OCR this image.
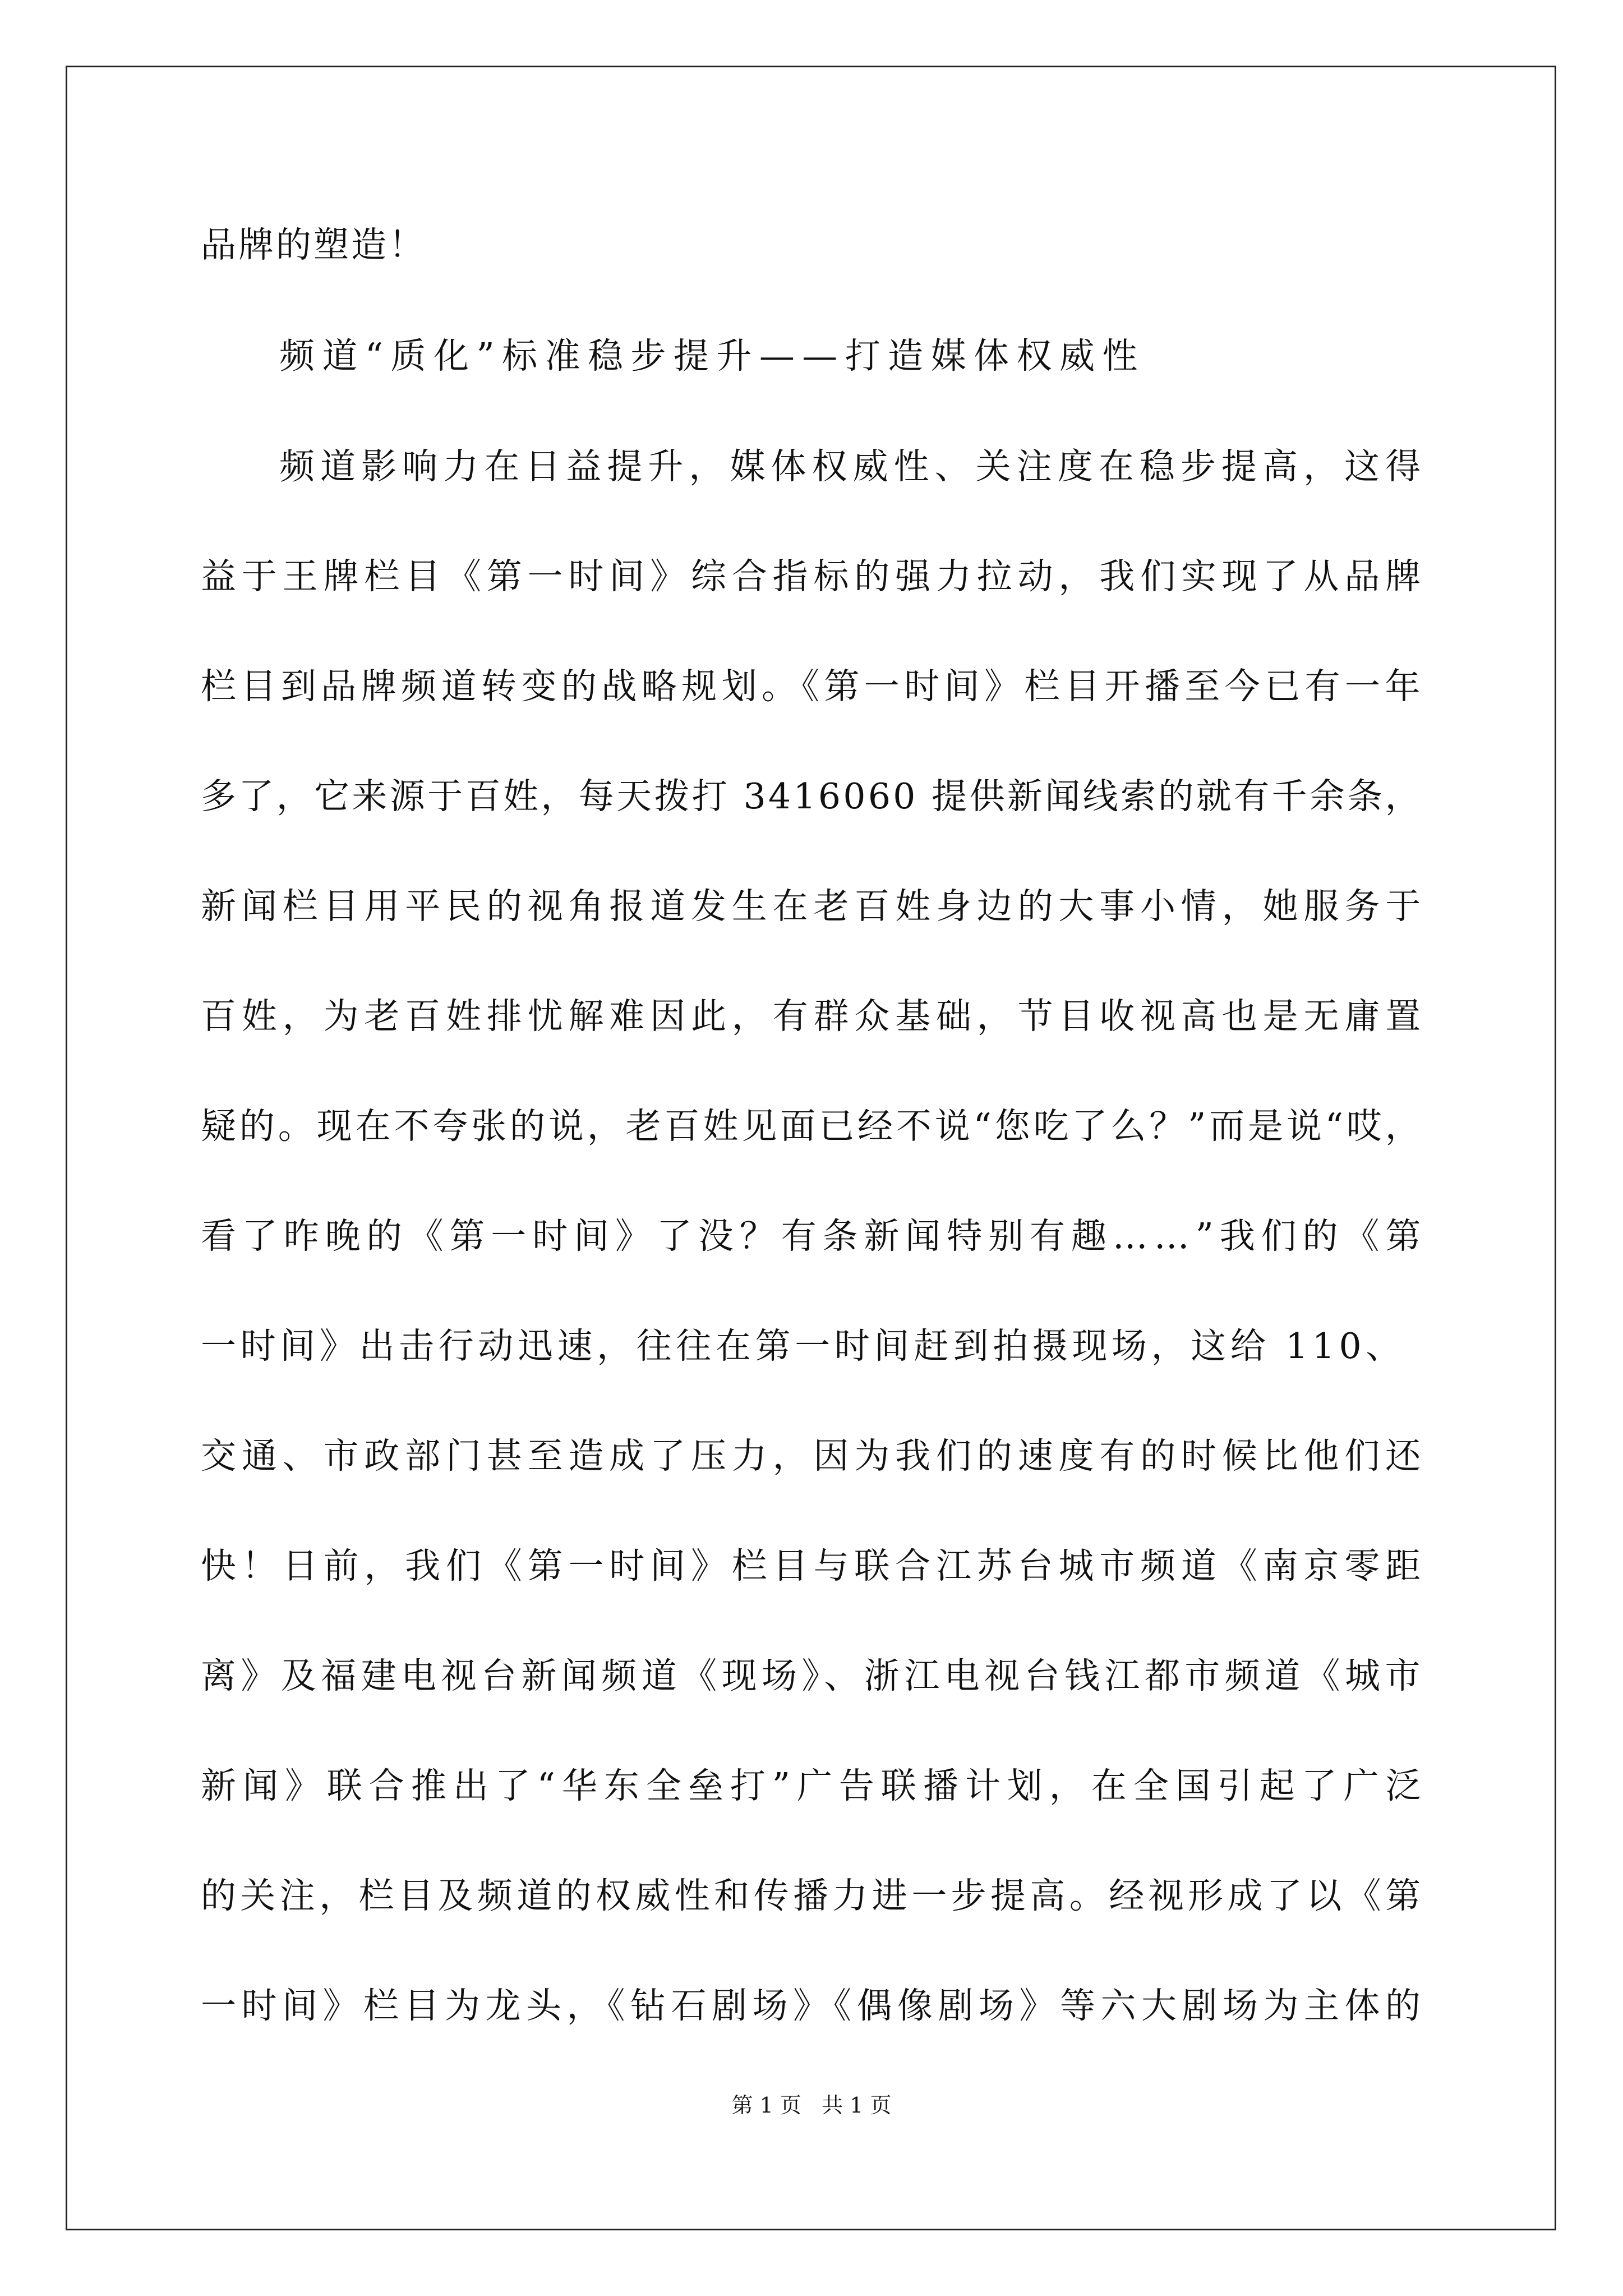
品牌的塑造！
频道“质化”标准稳步提升——打造媒体权威性
频道影响力在日益提升，媒体权威性、关注度在稳步提高，这得
益于王牌栏目《第一时间》综合指标的强力拉动，我们实现了从品牌
栏目到品牌频道转变的战略规划。《第一时间》栏目开播至今已有一年
多了，它来源于百姓，每天拨打 3416060 提供新闻线索的就有千余条，
新闻栏目用平民的视角报道发生在老百姓身边的大事小情，她服务于
百姓，为老百姓排忧解难因此，有群众基础，节目收视高也是无庸置
疑的。现在不夸张的说，老百姓见面已经不说“您吃了么？”而是说“哎，
看了昨晚的《第一时间》了没？有条新闻特别有趣……”我们的《第
一时间》出击行动迅速，往往在第一时间赶到拍摄现场，这给 110、
交通、市政部门甚至造成了压力，因为我们的速度有的时候比他们还
快！日前，我们《第一时间》栏目与联合江苏台城市频道《南京零距
离》及福建电视台新闻频道《现场》、浙江电视台钱江都市频道《城市
新闻》联合推出了“华东全垒打”广告联播计划，在全国引起了广泛
的关注，栏目及频道的权威性和传播力进一步提高。经视形成了以《第
一时间》栏目为龙头，《钻石剧场》《偶像剧场》等六大剧场为主体的
第 1 页   共 1 页
